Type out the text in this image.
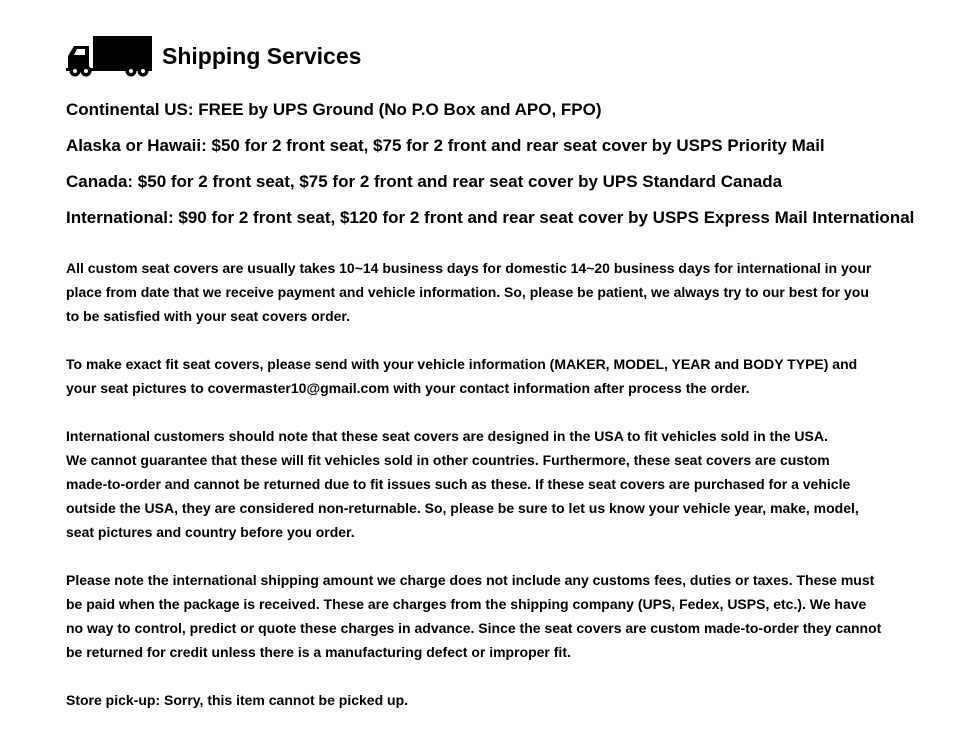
Shipping Services
Continental US: FREE by UPS Ground (No P.O Box and APO, FPO)
Alaska or Hawaii: $50 for 2 front seat, $75 for 2 front and rear seat cover by USPS Priority Mail
Canada: $50 for 2 front seat, $75 for 2 front and rear seat cover by UPS Standard Canada
International: $90 for 2 front seat, $120 for 2 front and rear seat cover by USPS Express Mail International

All custom seat covers are usually takes 10~14 business days for domestic 14~20 business days for international in your
place from date that we receive payment and vehicle information. So, please be patient, we always try to our best for you
to be satisfied with your seat covers order.

To make exact fit seat covers, please send with your vehicle information (MAKER, MODEL, YEAR and BODY TYPE) and
your seat pictures to covermaster10@gmail.com with your contact information after process the order.

International customers should note that these seat covers are designed in the USA to fit vehicles sold in the USA.
We cannot guarantee that these will fit vehicles sold in other countries. Furthermore, these seat covers are custom
made-to-order and cannot be returned due to fit issues such as these. If these seat covers are purchased for a vehicle
outside the USA, they are considered non-returnable. So, please be sure to let us know your vehicle year, make, model,
seat pictures and country before you order.

Please note the international shipping amount we charge does not include any customs fees, duties or taxes. These must
be paid when the package is received. These are charges from the shipping company (UPS, Fedex, USPS, etc.). We have
no way to control, predict or quote these charges in advance. Since the seat covers are custom made-to-order they cannot
be returned for credit unless there is a manufacturing defect or improper fit.

Store pick-up: Sorry, this item cannot be picked up.
